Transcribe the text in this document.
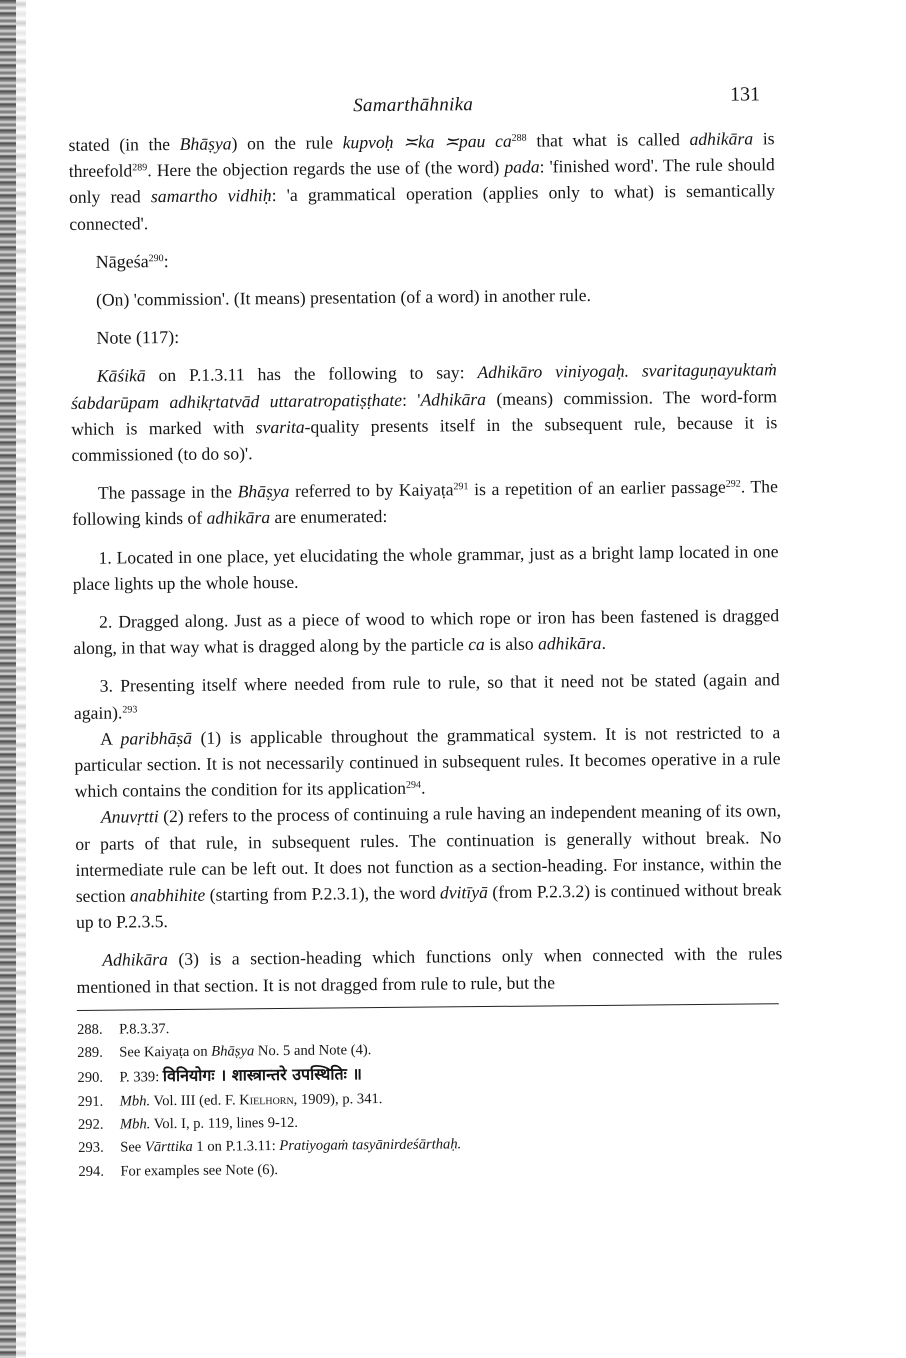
Samarthāhnika	131

stated (in the Bhāṣya) on the rule kupvoḥ ≍ka ≍pau $ca^{288}$ that what is called adhikāra is threefold$^{289}$. Here the objection regards the use of (the word) pada: 'finished word'. The rule should only read samartho vidhiḥ: 'a grammatical operation (applies only to what) is semantically connected'.

Nāgeśa$^{290}$:

(On) 'commission'. (It means) presentation (of a word) in another rule.

Note (117):

Kāśikā on P.1.3.11 has the following to say: Adhikāro viniyogaḥ. svaritaguṇayuktaṁ śabdarūpam adhikṛtatvād uttaratropatiṣṭhate: 'Adhikāra (means) commission. The word-form which is marked with svarita-quality presents itself in the subsequent rule, because it is commissioned (to do so)'.

The passage in the Bhāṣya referred to by Kaiyaṭa$^{291}$ is a repetition of an earlier passage$^{292}$. The following kinds of adhikāra are enumerated:

1. Located in one place, yet elucidating the whole grammar, just as a bright lamp located in one place lights up the whole house.

2. Dragged along. Just as a piece of wood to which rope or iron has been fastened is dragged along, in that way what is dragged along by the particle ca is also adhikāra.

3. Presenting itself where needed from rule to rule, so that it need not be stated (again and again).$^{293}$

A paribhāṣā (1) is applicable throughout the grammatical system. It is not restricted to a particular section. It is not necessarily continued in subsequent rules. It becomes operative in a rule which contains the condition for its application$^{294}$.

Anuvṛtti (2) refers to the process of continuing a rule having an independent meaning of its own, or parts of that rule, in subsequent rules. The continuation is generally without break. No intermediate rule can be left out. It does not function as a section-heading. For instance, within the section anabhihite (starting from P.2.3.1), the word dvitīyā (from P.2.3.2) is continued without break up to P.2.3.5.

Adhikāra (3) is a section-heading which functions only when connected with the rules mentioned in that section. It is not dragged from rule to rule, but the

288. P.8.3.37.

289. See Kaiyaṭa on Bhāṣya No. 5 and Note (4).

290. P. 339: विनियोगः । शास्त्रान्तरे उपस्थितिः ॥

291. Mbh. Vol. III (ed. F. Kielhorn, 1909), p. 341.

292. Mbh. Vol. I, p. 119, lines 9-12.

293. See Vārttika 1 on P.1.3.11: Pratiyogaṁ tasyānirdeśārthaḥ.

294. For examples see Note (6).
